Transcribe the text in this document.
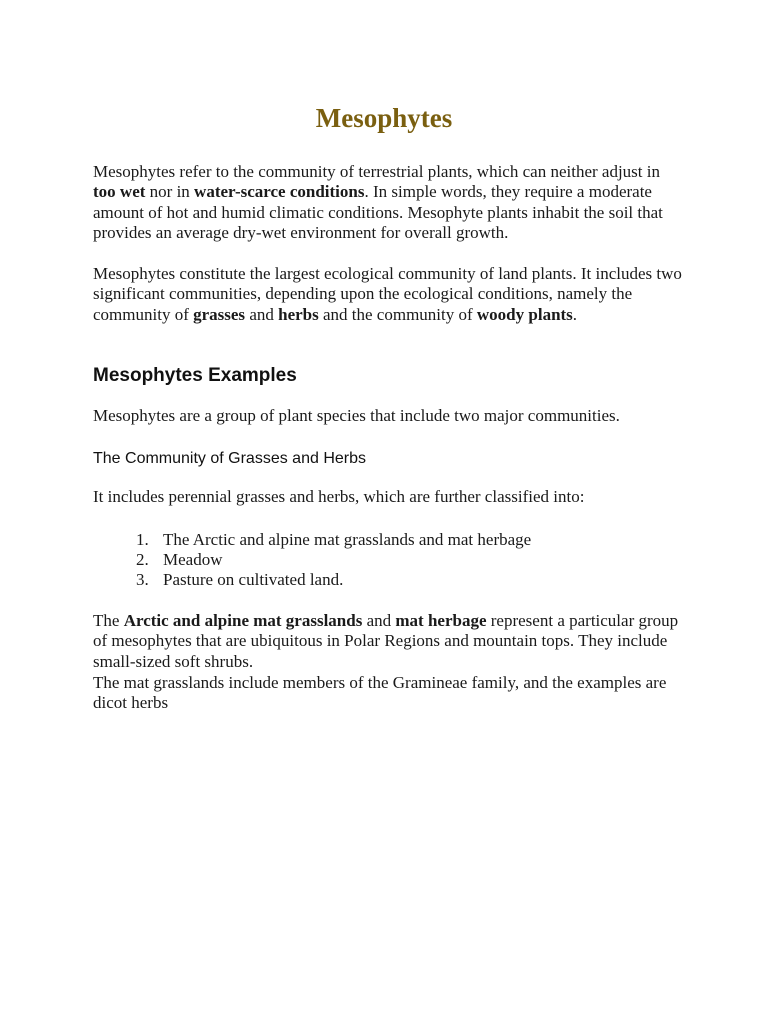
Mesophytes

Mesophytes refer to the community of terrestrial plants, which can neither adjust in too wet nor in water-scarce conditions. In simple words, they require a moderate amount of hot and humid climatic conditions. Mesophyte plants inhabit the soil that provides an average dry-wet environment for overall growth.

Mesophytes constitute the largest ecological community of land plants. It includes two significant communities, depending upon the ecological conditions, namely the community of grasses and herbs and the community of woody plants.

Mesophytes Examples

Mesophytes are a group of plant species that include two major communities.

The Community of Grasses and Herbs

It includes perennial grasses and herbs, which are further classified into:

1. The Arctic and alpine mat grasslands and mat herbage
2. Meadow
3. Pasture on cultivated land.

The Arctic and alpine mat grasslands and mat herbage represent a particular group of mesophytes that are ubiquitous in Polar Regions and mountain tops. They include small-sized soft shrubs.

The mat grasslands include members of the Gramineae family, and the examples are dicot herbs
